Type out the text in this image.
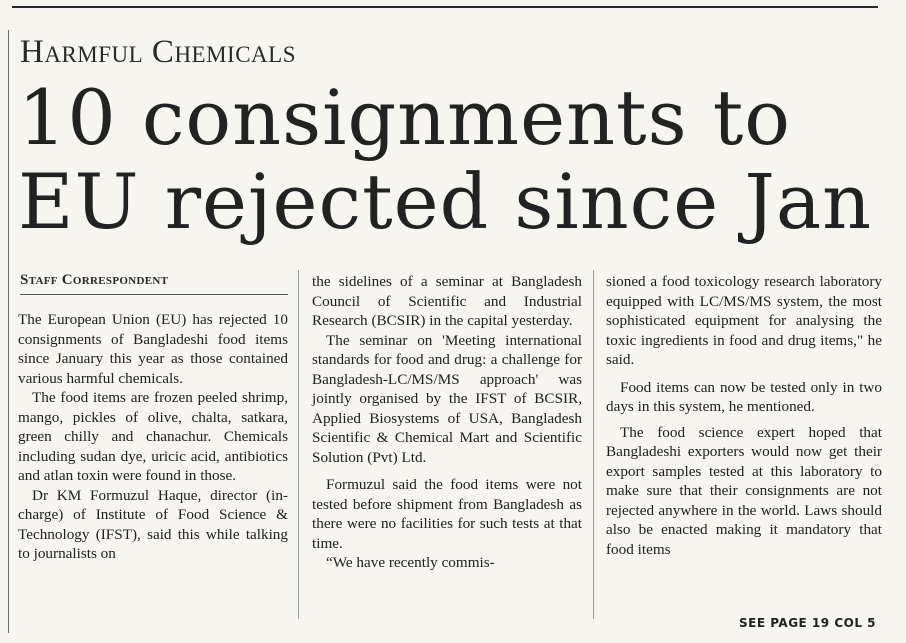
Harmful Chemicals
10 consignments to
EU rejected since Jan
Staff Correspondent

The European Union (EU) has rejected 10 consignments of Bangladeshi food items since January this year as those contained various harmful chemicals.

The food items are frozen peeled shrimp, mango, pickles of olive, chalta, satkara, green chilly and chanachur. Chemicals including sudan dye, uricic acid, antibiotics and atlan toxin were found in those.

Dr KM Formuzul Haque, director (in-charge) of Institute of Food Science & Technology (IFST), said this while talking to journalists on

the sidelines of a seminar at Bangladesh Council of Scientific and Industrial Research (BCSIR) in the capital yesterday.

The seminar on 'Meeting international standards for food and drug: a challenge for Bangladesh-LC/MS/MS approach' was jointly organised by the IFST of BCSIR, Applied Biosystems of USA, Bangladesh Scientific & Chemical Mart and Scientific Solution (Pvt) Ltd.

Formuzul said the food items were not tested before shipment from Bangladesh as there were no facilities for such tests at that time.

“We have recently commis-

sioned a food toxicology research laboratory equipped with LC/MS/MS system, the most sophisticated equipment for analysing the toxic ingredients in food and drug items," he said.

Food items can now be tested only in two days in this system, he mentioned.

The food science expert hoped that Bangladeshi exporters would now get their export samples tested at this laboratory to make sure that their consignments are not rejected anywhere in the world. Laws should also be enacted making it mandatory that food items

SEE PAGE 19 COL 5
